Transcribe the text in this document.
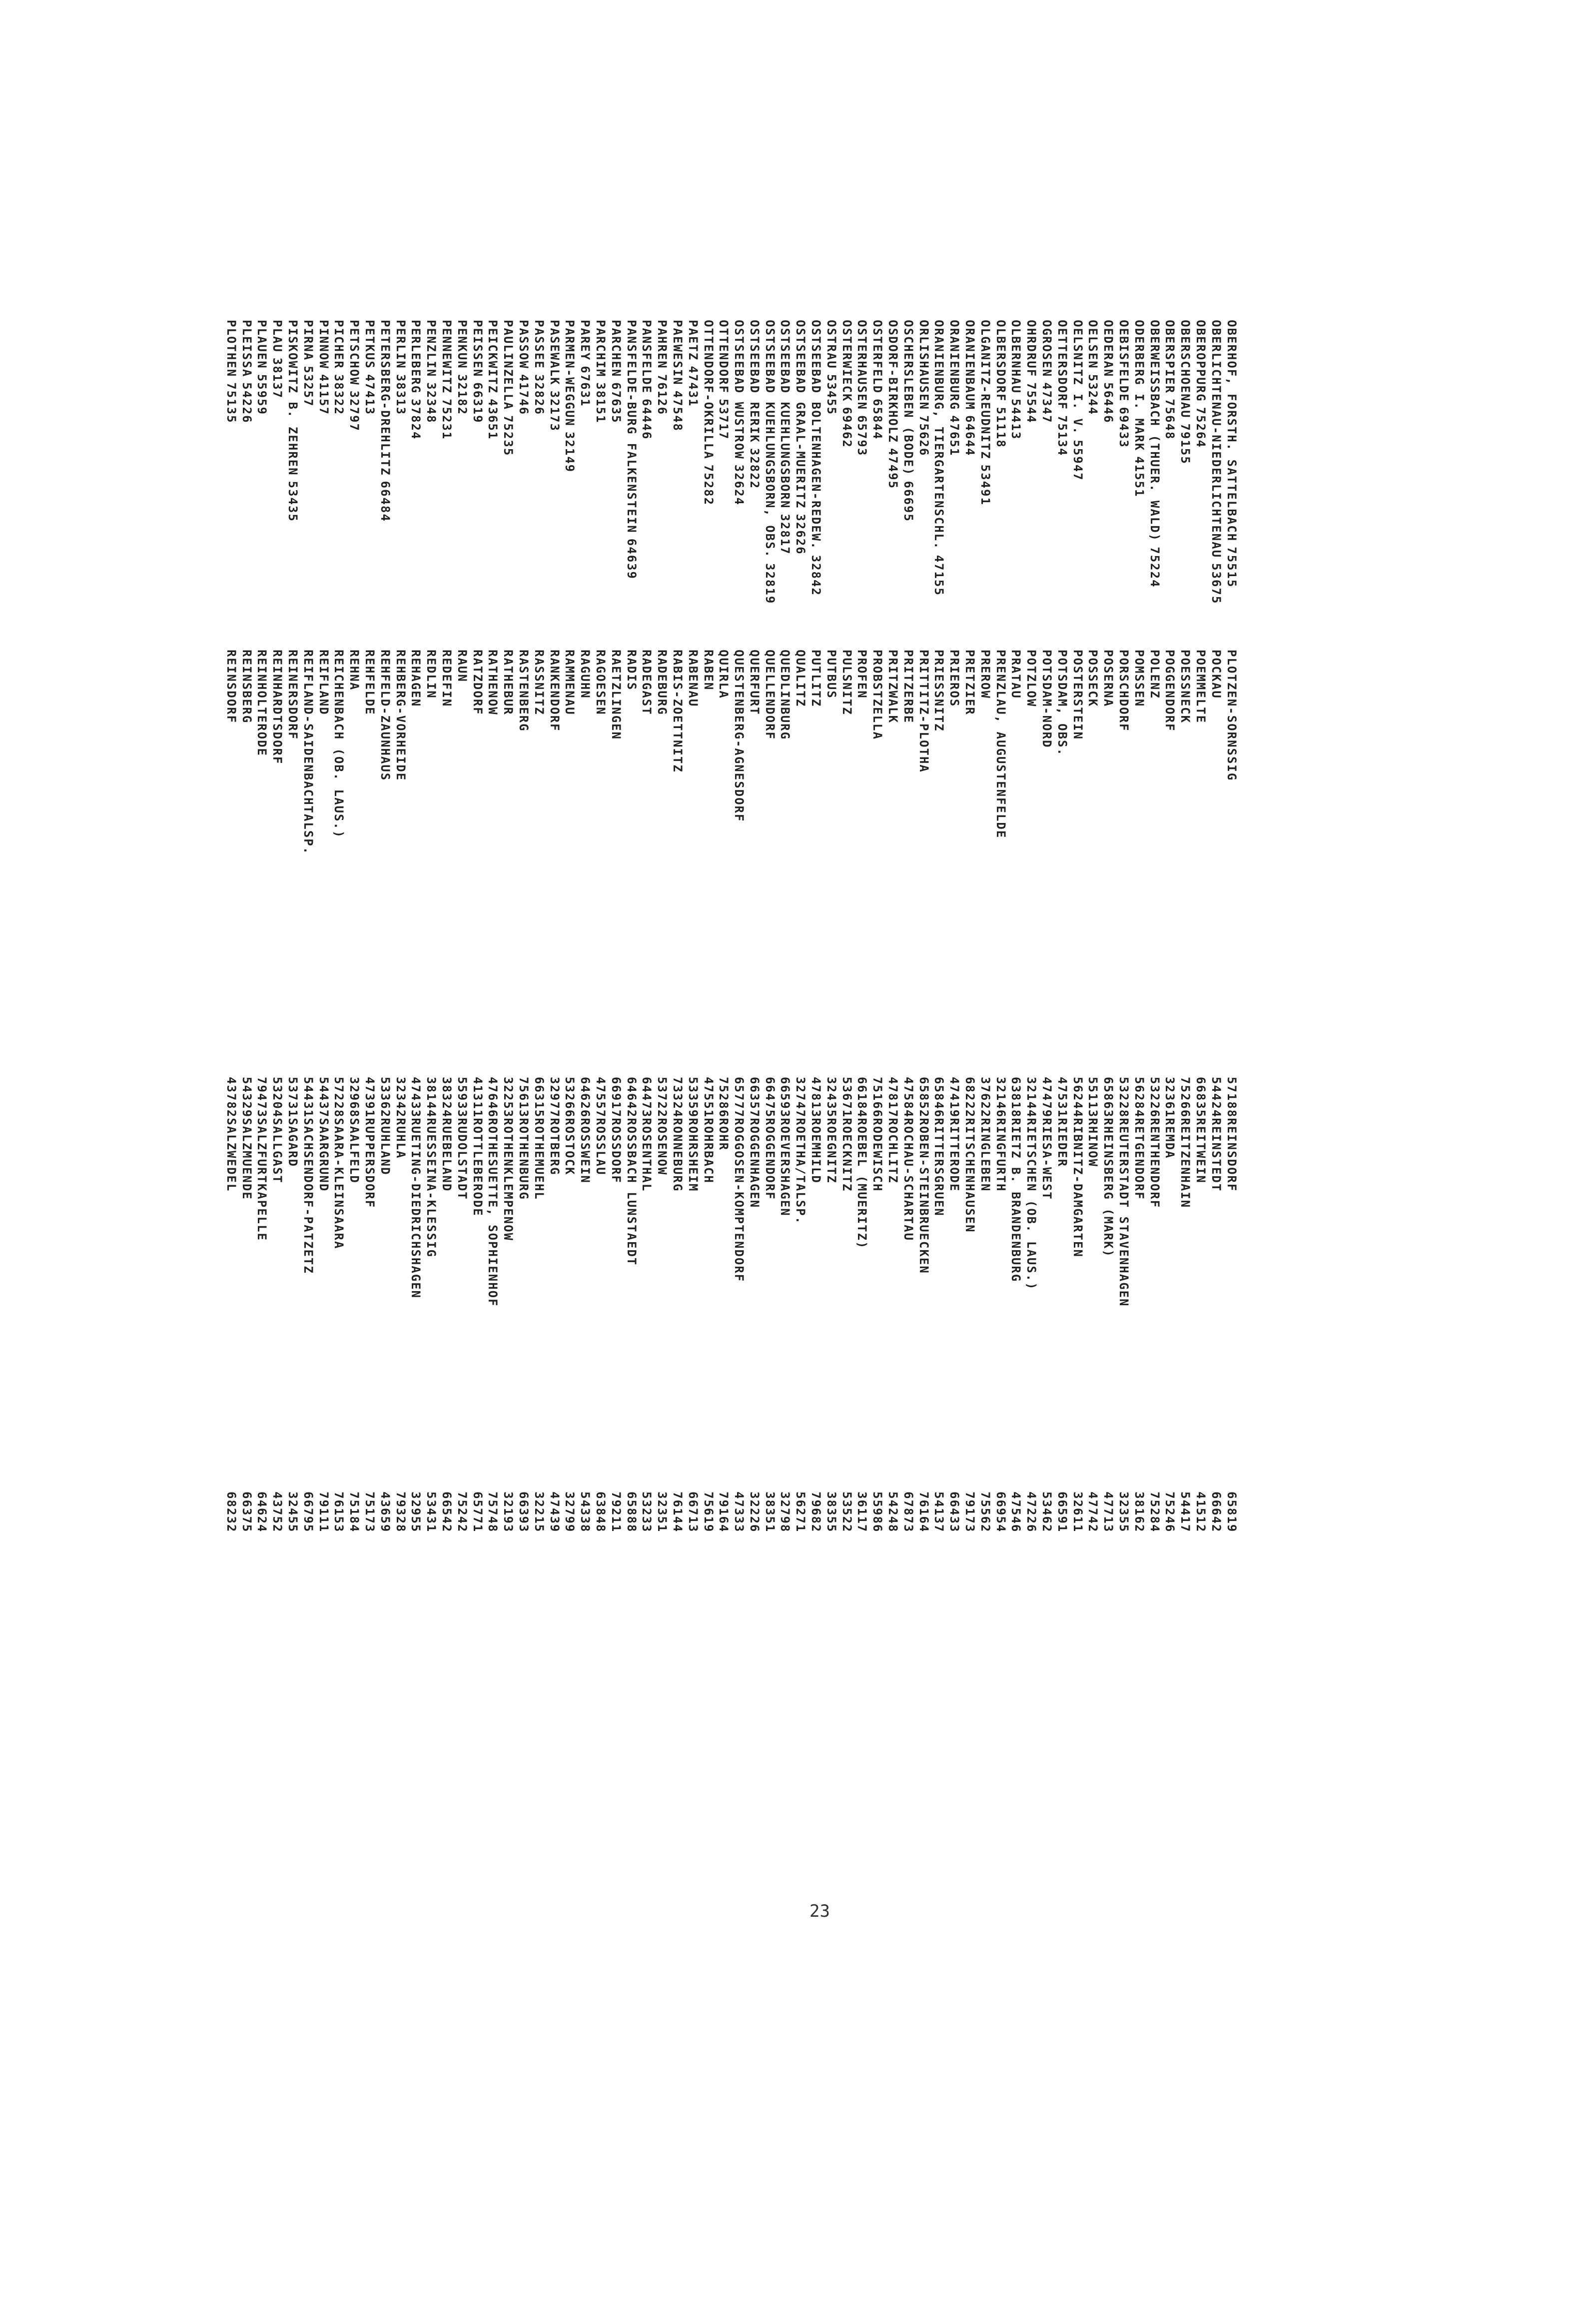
OBERHOF, FORSTH. SATTELBACH
75515
OBERLICHTENAU-NIEDERLICHTENAU
53675
OBEROPPURG
75264
OBERSCHOENAU
79155
OBERSPIER
75648
OBERWEISSBACH (THUER. WALD)
75224
ODERBERG I. MARK
41551
OEBISFELDE
69433
OEDERAN
56446
OELSEN
53244
OELSNITZ I. V.
55947
OETTERSDORF
75134
OGROSEN
47347
OHRDRUF
75544
OLBERNHAU
54413
OLBERSDORF
51118
OLGANITZ-REUDNITZ
53491
ORANIENBAUM
64644
ORANIENBURG
47651
ORANIENBURG, TIERGARTENSCHL.
47155
ORLISHAUSEN
75626
OSCHERSLEBEN (BODE)
66695
OSDORF-BIRKHOLZ
47495
OSTERFELD
65844
OSTERHAUSEN
65793
OSTERWIECK
69462
OSTRAU
53455
OSTSEEBAD BOLTENHAGEN-REDEW.
32842
OSTSEEBAD GRAAL-MUERITZ
32626
OSTSEEBAD KUEHLUNGSBORN
32817
OSTSEEBAD KUEHLUNGSBORN, OBS.
32819
OSTSEEBAD RERIK
32822
OSTSEEBAD WUSTROW
32624
OTTENDORF
53717
OTTENDORF-OKRILLA
75282
PAETZ
47431
PAEWESIN
47548
PAHREN
76126
PANSFELDE
64446
PANSFELDE-BURG FALKENSTEIN
64639
PARCHEN
67635
PARCHIM
38151
PAREY
67631
PARMEN-WEGGUN
32149
PASEWALK
32173
PASSEE
32826
PASSOW
41746
PAULINZELLA
75235
PEICKWITZ
43651
PEISSEN
66319
PENKUN
32182
PENNEWITZ
75231
PENZLIN
32348
PERLEBERG
37824
PERLIN
38313
PETERSBERG-DREHLITZ
66484
PETKUS
47413
PETSCHOW
32797
PICHER
38322
PINNOW
41157
PIRNA
53257
PISKOWITZ B. ZEHREN
53435
PLAU
38137
PLAUEN
55959
PLEISSA
54226
PLOTHEN
75135
PLOTZEN-SORNSSIG
POCKAU
POEMMELTE
POESSNECK
POGGENDORF
POLENZ
POMSSEN
PORSCHDORF
POSERNA
POSSECK
POSTERSTEIN
POTSDAM, OBS.
POTSDAM-NORD
POTZLOW
PRATAU
PRENZLAU, AUGUSTENFELDE
PREROW
PRETZIER
PRIEROS
PRIESSNITZ
PRITTITZ-PLOTHA
PRITZERBE
PRITZWALK
PROBSTZELLA
PROFEN
PULSNITZ
PUTBUS
PUTLITZ
QUALITZ
QUEDLINBURG
QUELLENDORF
QUERFURT
QUESTENBERG-AGNESDORF
QUIRLA
RABEN
RABENAU
RABIS-ZOETTNITZ
RADEBURG
RADEGAST
RADIS
RAETZLINGEN
RAGOESEN
RAGUHN
RAMMENAU
RANKENDORF
RASSNITZ
RASTENBERG
RATHEBUR
RATHENOW
RATZDORF
RAUN
REDEFIN
REDLIN
REHAGEN
REHBERG-VORHEIDE
REHFELD-ZAUNHAUS
REHFELDE
REHNA
REICHENBACH (OB. LAUS.)
REIFLAND
REIFLAND-SAIDENBACHTALSP.
REINERSDORF
REINHARDTSDORF
REINHOLTERODE
REINSBERG
REINSDORF
57188
REINSDORF
54424
REINSTEDT
66835
REITWEIN
75266
REITZENHAIN
32361
REMDA
53226
RENTHENDORF
56284
RETGENDORF
53228
REUTERSTADT STAVENHAGEN
65863
RHEINSBERG (MARK)
55113
RHINOW
56244
RIBNITZ-DAMGARTEN
47531
RIEDER
47479
RIESA-WEST
32144
RIETSCHEN (OB. LAUS.)
63818
RIETZ B. BRANDENBURG
32146
RINGFURTH
37622
RINGLEBEN
68222
RITSCHENHAUSEN
47419
RITTERODE
65846
RITTERSGRUEN
65852
ROBEN-STEINBRUECKEN
47584
ROCHAU-SCHARTAU
47817
ROCHLITZ
75166
RODEWISCH
66184
ROEBEL (MUERITZ)
53671
ROECKNITZ
32435
ROEGNITZ
47813
ROEMHILD
32747
ROETHA/TALSP.
66593
ROEVERSHAGEN
66475
ROGGENDORF
66357
ROGGENHAGEN
65777
ROGGOSEN-KOMPTENDORF
75286
ROHR
47551
ROHRBACH
53359
ROHRSHEIM
73324
RONNEBURG
53722
ROSENOW
64473
ROSENTHAL
64642
ROSSBACH LUNSTAEDT
66917
ROSSDORF
47557
ROSSLAU
64626
ROSSWEIN
53266
ROSTOCK
32977
ROTBERG
66315
ROTHEMUEHL
75613
ROTHENBURG
32253
ROTHENKLEMPENOW
47646
ROTHESUETTE, SOPHIENHOF
41311
ROTTLEBERODE
55933
RUDOLSTADT
38324
RUEBELAND
38144
RUESSEINA-KLESSIG
47433
RUETING-DIEDRICHSHAGEN
32342
RUHLA
53362
RUHLAND
47391
RUPPERSDORF
32968
SAALFELD
57228
SAARA-KLEINSAARA
54437
SAARGRUND
54431
SACHSENDORF-PATZETZ
53731
SAGARD
53204
SALLGAST
79473
SALZFURTKAPELLE
54329
SALZMUENDE
43782
SALZWEDEL
65819
66642
41512
54417
75246
75284
38162
32355
47713
47742
32611
66591
53462
47226
47546
66954
75562
79173
66433
54137
76164
67873
54248
55986
36117
53522
38355
79682
56271
32798
38351
32226
47333
79164
75619
66713
76144
32351
53233
65888
79211
63848
54338
32799
47439
32215
66393
32193
75748
65771
75242
66542
53431
32955
79328
43659
75173
75184
76153
79111
66795
32455
43752
64624
66375
68232
23
